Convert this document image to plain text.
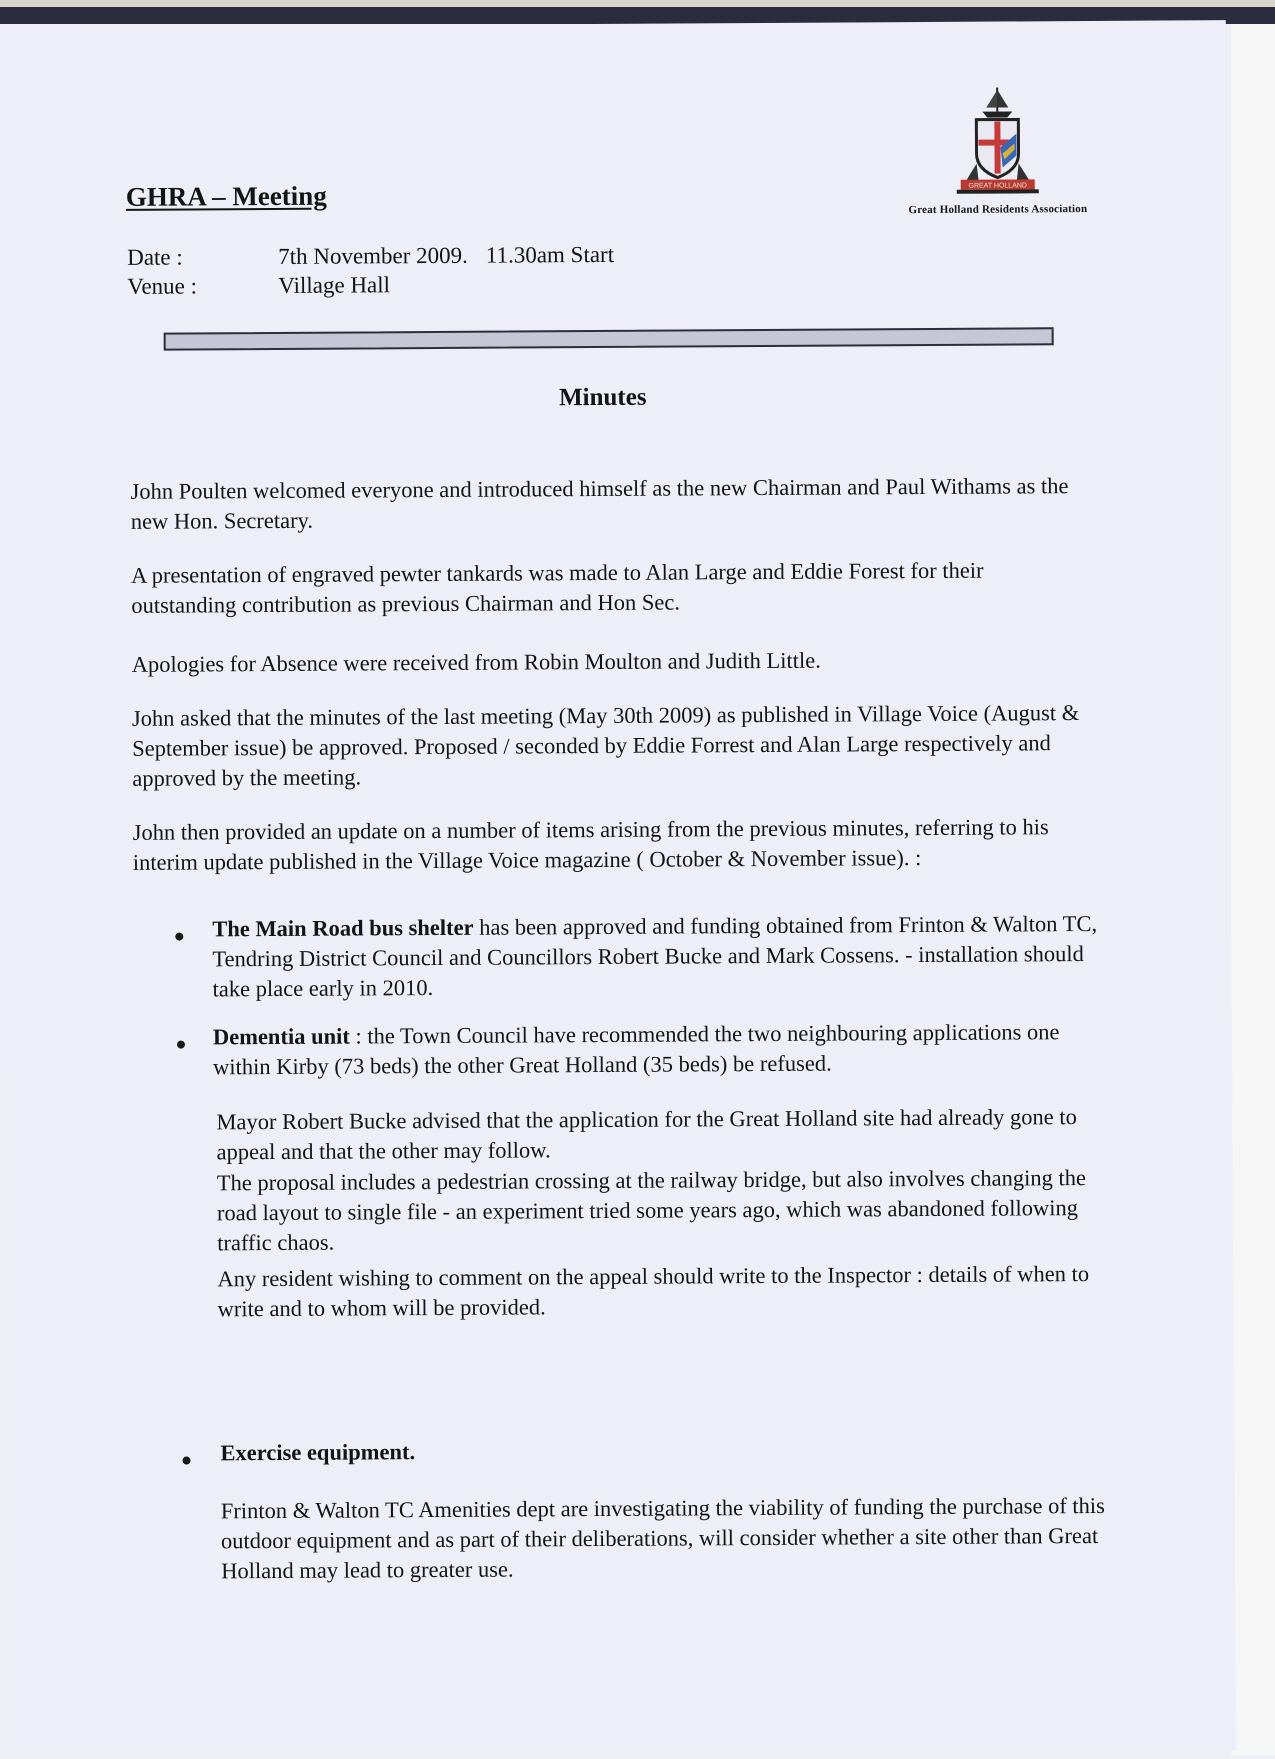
GHRA – Meeting
Date :	7th November 2009. 11.30am Start
Venue :	Village Hall
GREAT HOLLAND
Great Holland Residents Association
Minutes
John Poulten welcomed everyone and introduced himself as the new Chairman and Paul Withams as the new Hon. Secretary.
A presentation of engraved pewter tankards was made to Alan Large and Eddie Forest for their outstanding contribution as previous Chairman and Hon Sec.
Apologies for Absence were received from Robin Moulton and Judith Little.
John asked that the minutes of the last meeting (May 30th 2009) as published in Village Voice (August & September issue) be approved. Proposed / seconded by Eddie Forrest and Alan Large respectively and approved by the meeting.
John then provided an update on a number of items arising from the previous minutes, referring to his interim update published in the Village Voice magazine ( October & November issue). :
The Main Road bus shelter has been approved and funding obtained from Frinton & Walton TC, Tendring District Council and Councillors Robert Bucke and Mark Cossens. - installation should take place early in 2010.
Dementia unit : the Town Council have recommended the two neighbouring applications one within Kirby (73 beds) the other Great Holland (35 beds) be refused.
Mayor Robert Bucke advised that the application for the Great Holland site had already gone to appeal and that the other may follow.
The proposal includes a pedestrian crossing at the railway bridge, but also involves changing the road layout to single file - an experiment tried some years ago, which was abandoned following traffic chaos.
Any resident wishing to comment on the appeal should write to the Inspector : details of when to write and to whom will be provided.
Exercise equipment.
Frinton & Walton TC Amenities dept are investigating the viability of funding the purchase of this outdoor equipment and as part of their deliberations, will consider whether a site other than Great Holland may lead to greater use.
